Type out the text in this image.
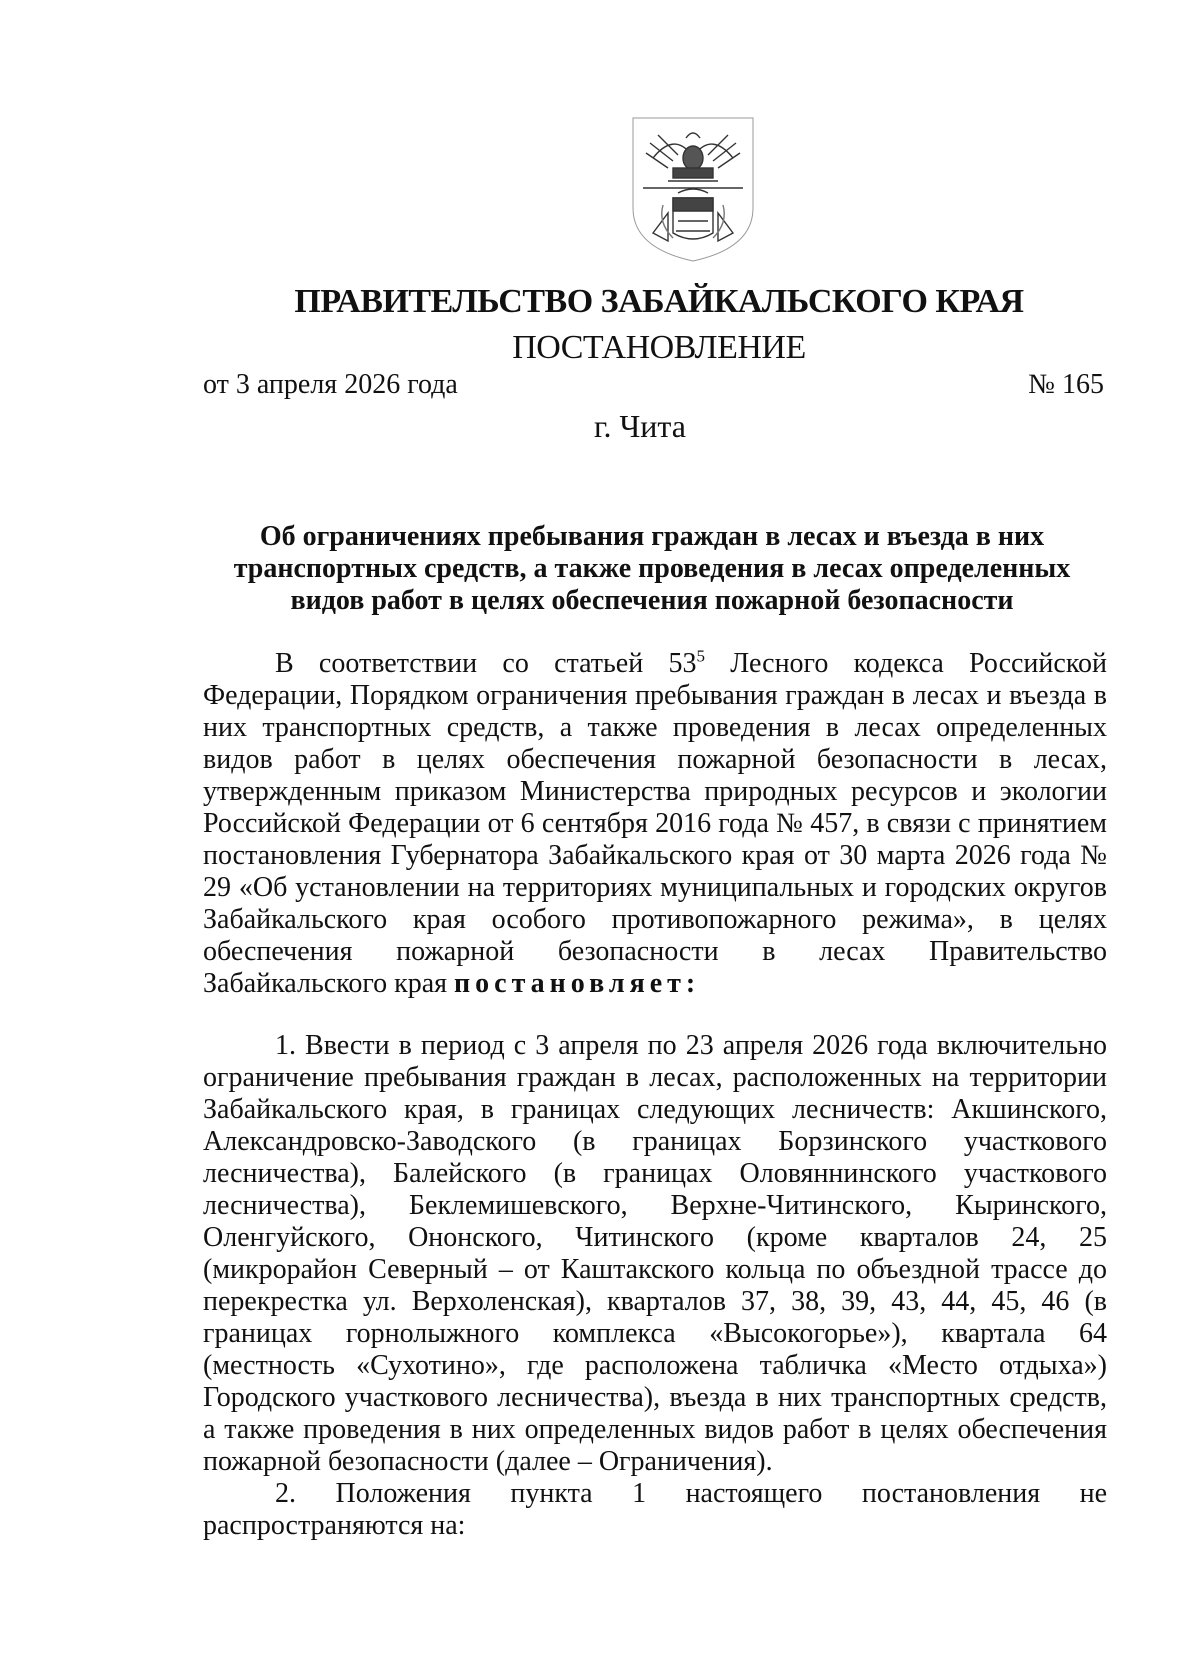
ПРАВИТЕЛЬСТВО ЗАБАЙКАЛЬСКОГО КРАЯ
ПОСТАНОВЛЕНИЕ
от 3 апреля 2026 года	№ 165
г. Чита
Об ограничениях пребывания граждан в лесах и въезда в них транспортных средств, а также проведения в лесах определенных видов работ в целях обеспечения пожарной безопасности

В соответствии со статьей $53^5$ Лесного кодекса Российской Федерации, Порядком ограничения пребывания граждан в лесах и въезда в них транспортных средств, а также проведения в лесах определенных видов работ в целях обеспечения пожарной безопасности в лесах, утвержденным приказом Министерства природных ресурсов и экологии Российской Федерации от 6 сентября 2016 года № 457, в связи с принятием постановления Губернатора Забайкальского края от 30 марта 2026 года № 29 «Об установлении на территориях муниципальных и городских округов Забайкальского края особого противопожарного режима», в целях обеспечения пожарной безопасности в лесах Правительство Забайкальского края постановляет:

1. Ввести в период с 3 апреля по 23 апреля 2026 года включительно ограничение пребывания граждан в лесах, расположенных на территории Забайкальского края, в границах следующих лесничеств: Акшинского, Александровско-Заводского (в границах Борзинского участкового лесничества), Балейского (в границах Оловяннинского участкового лесничества), Беклемишевского, Верхне-Читинского, Кыринского, Оленгуйского, Ононского, Читинского (кроме кварталов 24, 25 (микрорайон Северный – от Каштакского кольца по объездной трассе до перекрестка ул. Верхоленская), кварталов 37, 38, 39, 43, 44, 45, 46 (в границах горнолыжного комплекса «Высокогорье»), квартала 64 (местность «Сухотино», где расположена табличка «Место отдыха») Городского участкового лесничества), въезда в них транспортных средств, а также проведения в них определенных видов работ в целях обеспечения пожарной безопасности (далее – Ограничения).

2. Положения пункта 1 настоящего постановления не распространяются на:
